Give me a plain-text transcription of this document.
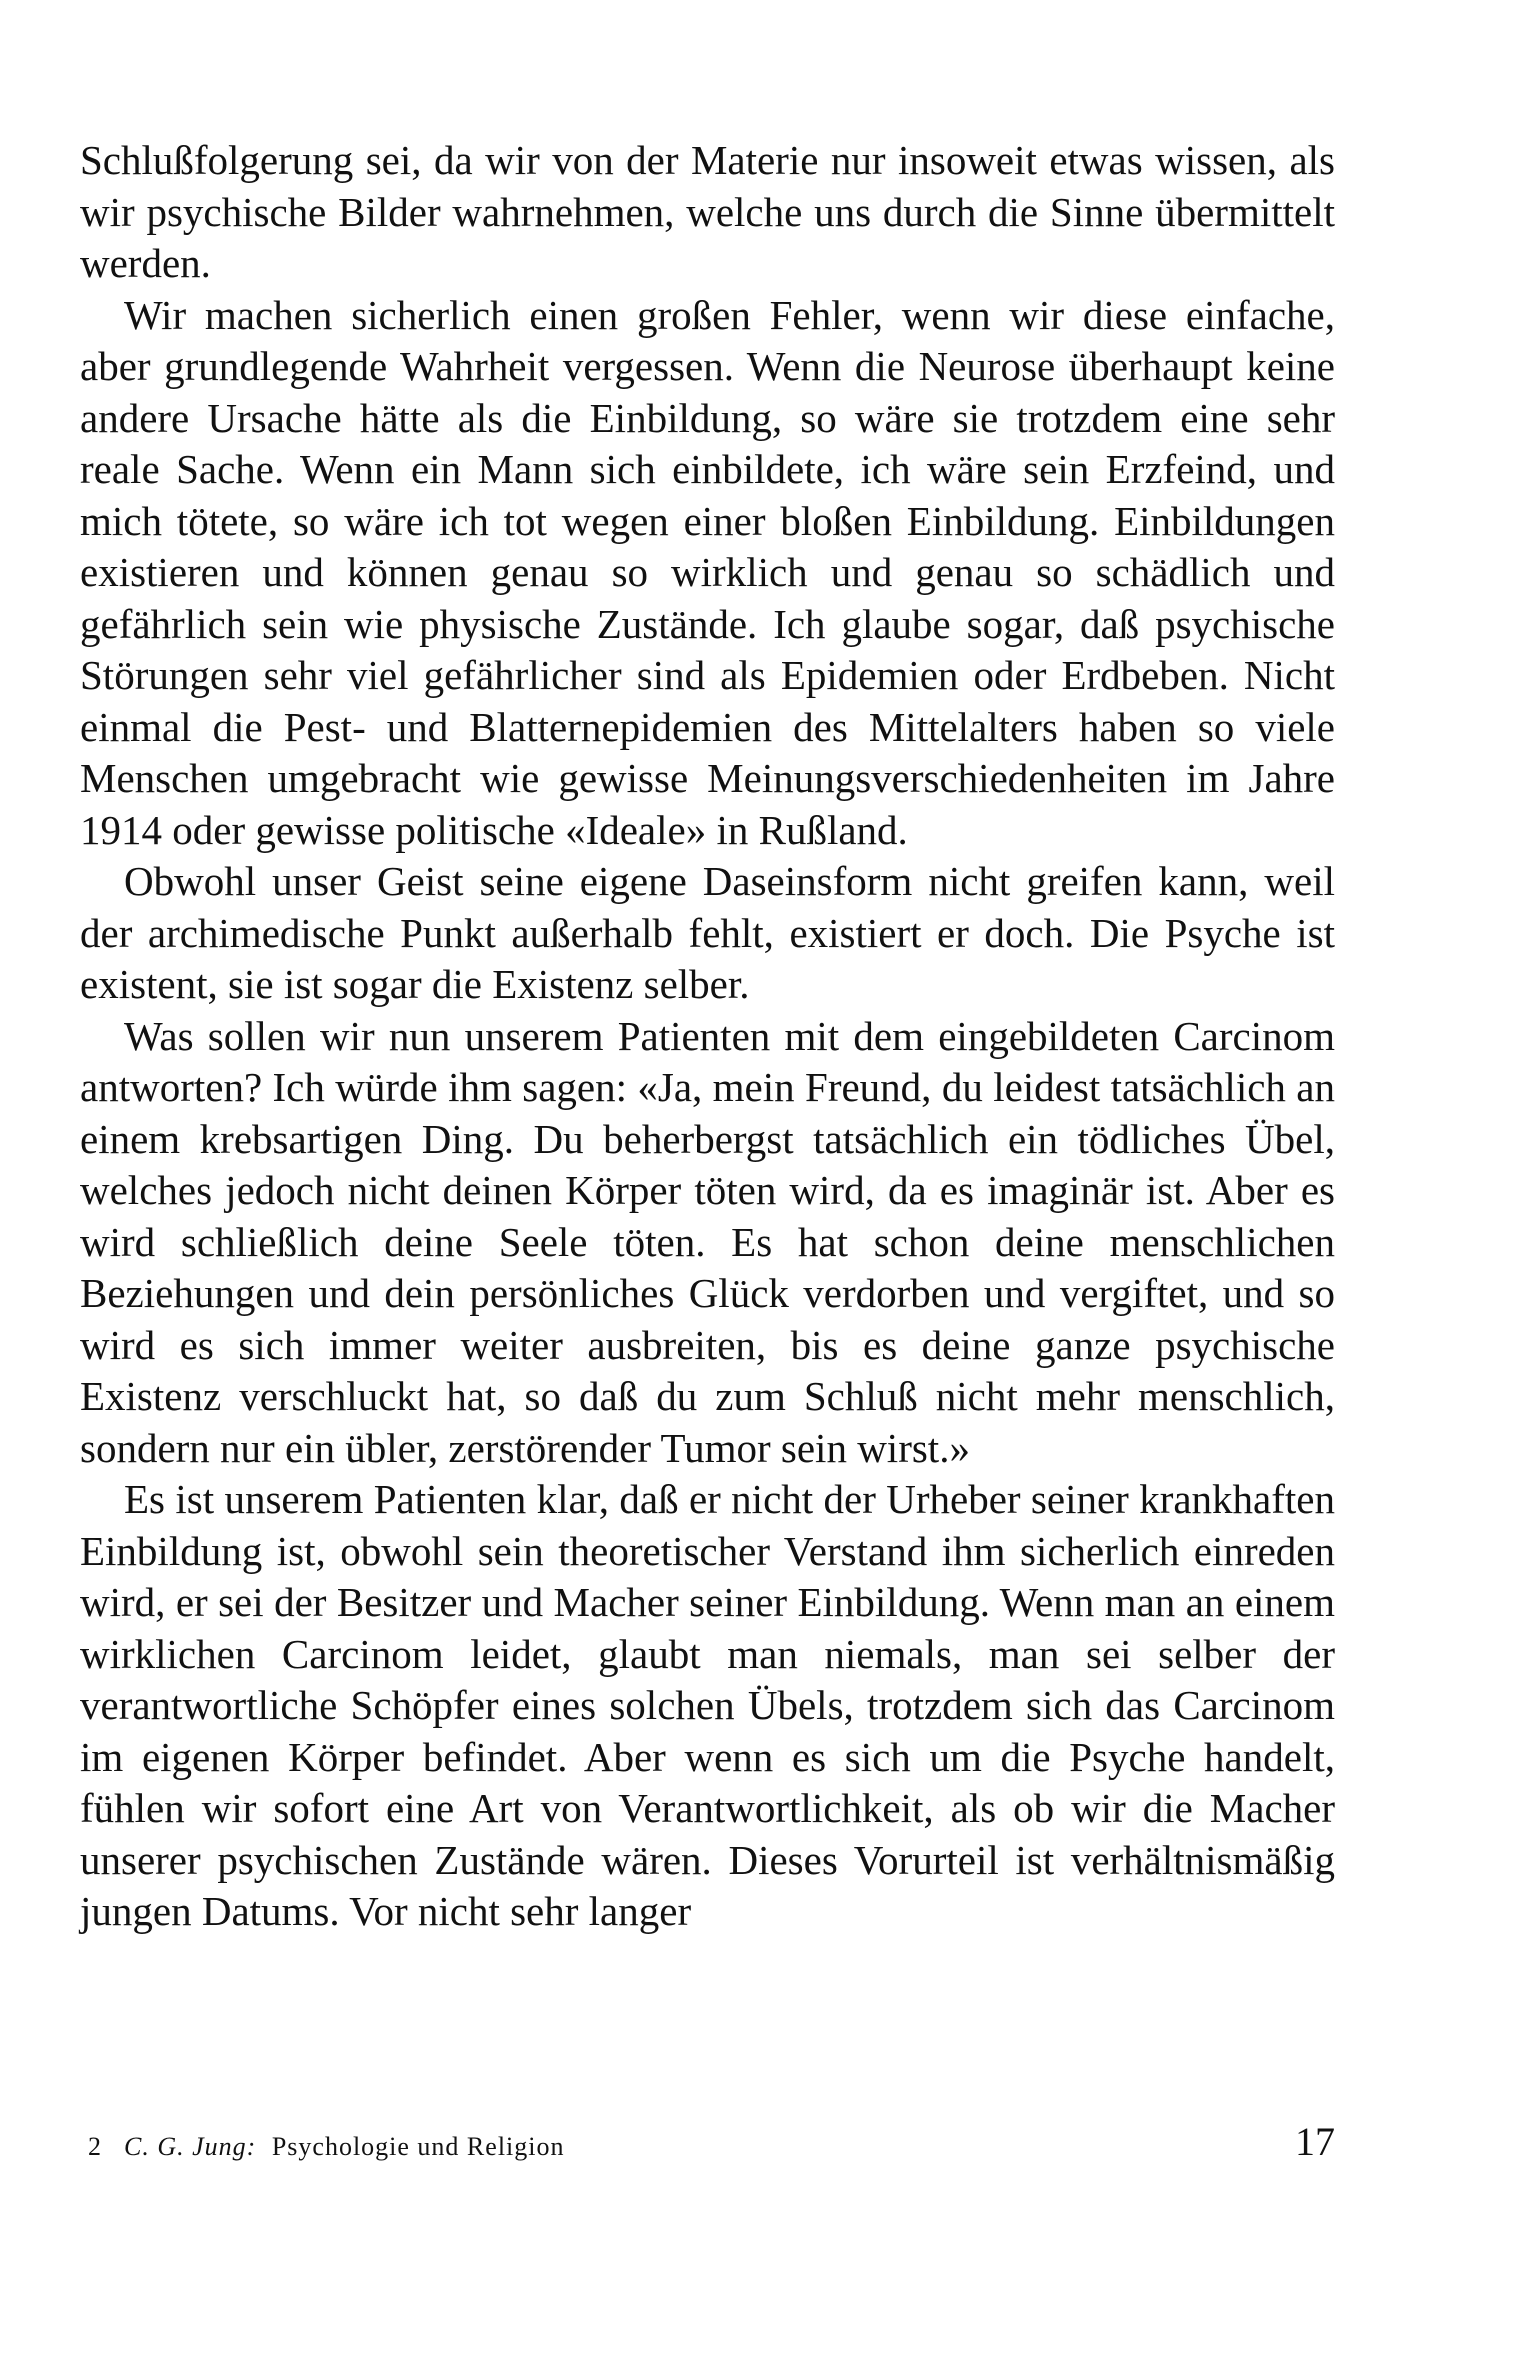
Schlußfolgerung sei, da wir von der Materie nur insoweit etwas wissen, als wir psychische Bilder wahrnehmen, welche uns durch die Sinne übermittelt werden.

Wir machen sicherlich einen großen Fehler, wenn wir diese einfache, aber grundlegende Wahrheit vergessen. Wenn die Neurose überhaupt keine andere Ursache hätte als die Einbildung, so wäre sie trotzdem eine sehr reale Sache. Wenn ein Mann sich einbildete, ich wäre sein Erzfeind, und mich tötete, so wäre ich tot wegen einer bloßen Einbildung. Einbildungen existieren und können genau so wirklich und genau so schädlich und gefährlich sein wie physische Zustände. Ich glaube sogar, daß psychische Störungen sehr viel gefährlicher sind als Epidemien oder Erdbeben. Nicht einmal die Pest- und Blatternepidemien des Mittelalters haben so viele Menschen umgebracht wie gewisse Meinungsverschiedenheiten im Jahre 1914 oder gewisse politische «Ideale» in Rußland.

Obwohl unser Geist seine eigene Daseinsform nicht greifen kann, weil der archimedische Punkt außerhalb fehlt, existiert er doch. Die Psyche ist existent, sie ist sogar die Existenz selber.

Was sollen wir nun unserem Patienten mit dem eingebildeten Carcinom antworten? Ich würde ihm sagen: «Ja, mein Freund, du leidest tatsächlich an einem krebsartigen Ding. Du beherbergst tatsächlich ein tödliches Übel, welches jedoch nicht deinen Körper töten wird, da es imaginär ist. Aber es wird schließlich deine Seele töten. Es hat schon deine menschlichen Beziehungen und dein persönliches Glück verdorben und vergiftet, und so wird es sich immer weiter ausbreiten, bis es deine ganze psychische Existenz verschluckt hat, so daß du zum Schluß nicht mehr menschlich, sondern nur ein übler, zerstörender Tumor sein wirst.»

Es ist unserem Patienten klar, daß er nicht der Urheber seiner krankhaften Einbildung ist, obwohl sein theoretischer Verstand ihm sicherlich einreden wird, er sei der Besitzer und Macher seiner Einbildung. Wenn man an einem wirklichen Carcinom leidet, glaubt man niemals, man sei selber der verantwortliche Schöpfer eines solchen Übels, trotzdem sich das Carcinom im eigenen Körper befindet. Aber wenn es sich um die Psyche handelt, fühlen wir sofort eine Art von Verantwortlichkeit, als ob wir die Macher unserer psychischen Zustände wären. Dieses Vorurteil ist verhältnismäßig jungen Datums. Vor nicht sehr langer

2 C. G. Jung: Psychologie und Religion	17
